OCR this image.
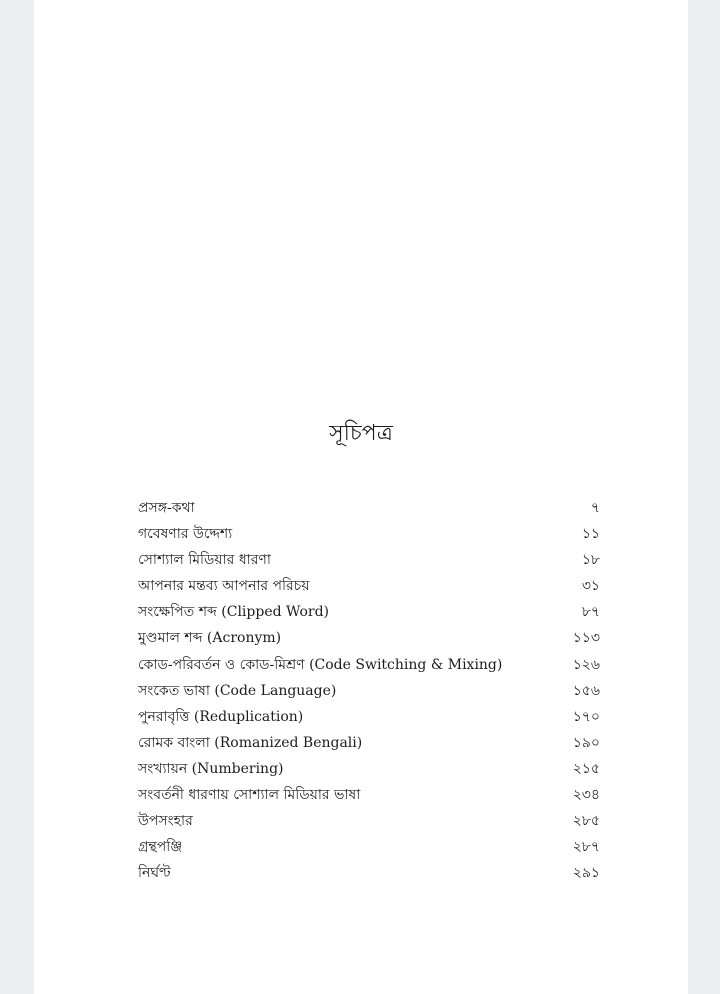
সূচিপত্র
প্রসঙ্গ-কথা	৭
গবেষণার উদ্দেশ্য	১১
সোশ্যাল মিডিয়ার ধারণা	১৮
আপনার মন্তব্য আপনার পরিচয়	৩১
সংক্ষেপিত শব্দ (Clipped Word)	৮৭
মুণ্ডমাল শব্দ (Acronym)	১১৩
কোড-পরিবর্তন ও কোড-মিশ্রণ (Code Switching & Mixing)	১২৬
সংকেত ভাষা (Code Language)	১৫৬
পুনরাবৃত্তি (Reduplication)	১৭০
রোমক বাংলা (Romanized Bengali)	১৯০
সংখ্যায়ন (Numbering)	২১৫
সংবর্তনী ধারণায় সোশ্যাল মিডিয়ার ভাষা	২৩৪
উপসংহার	২৮৫
গ্রন্থপঞ্জি	২৮৭
নির্ঘণ্ট	২৯১
